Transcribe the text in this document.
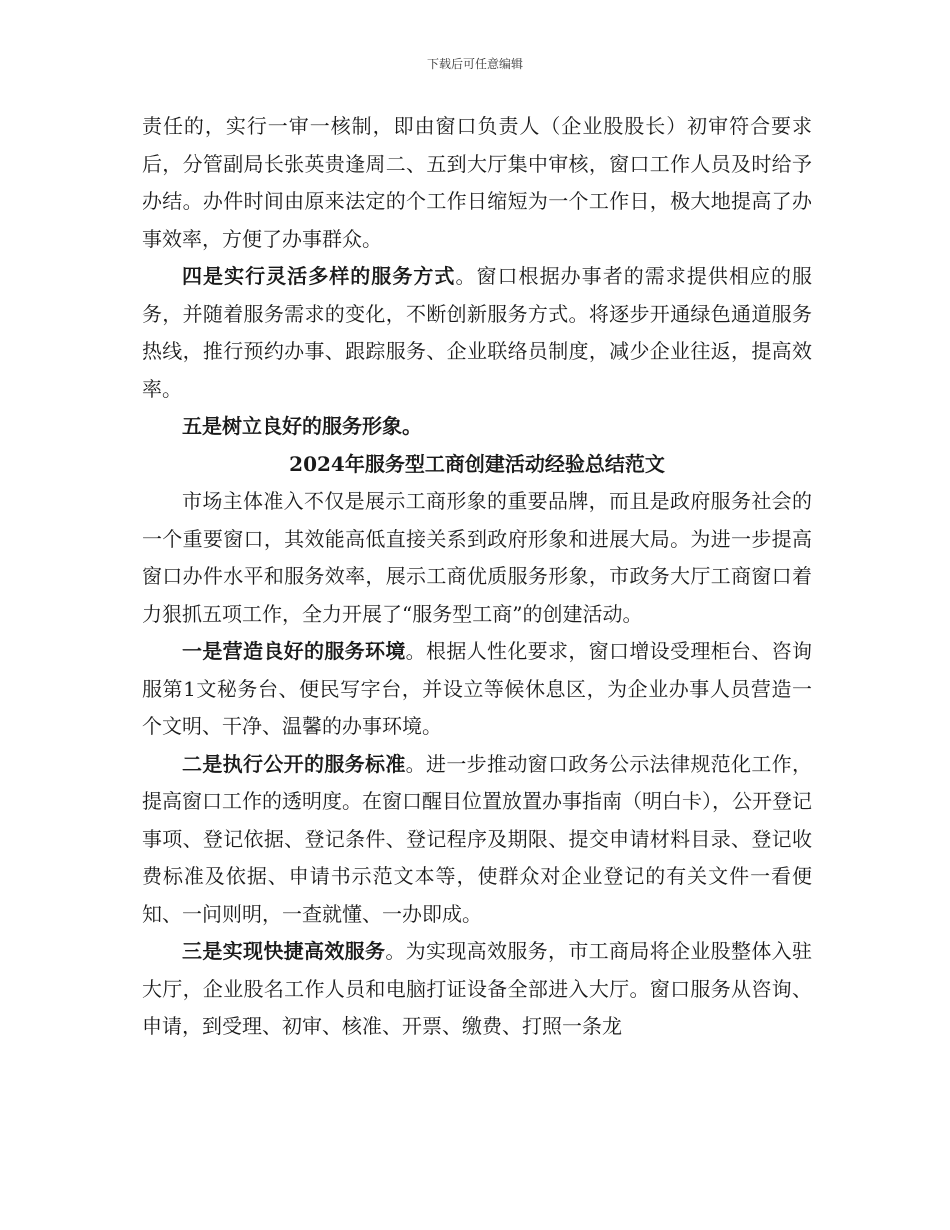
下载后可任意编辑

责任的，实行一审一核制，即由窗口负责人（企业股股长）初审符合要求后，分管副局长张英贵逢周二、五到大厅集中审核，窗口工作人员及时给予办结。办件时间由原来法定的个工作日缩短为一个工作日，极大地提高了办事效率，方便了办事群众。

四是实行灵活多样的服务方式。窗口根据办事者的需求提供相应的服务，并随着服务需求的变化，不断创新服务方式。将逐步开通绿色通道服务热线，推行预约办事、跟踪服务、企业联络员制度，减少企业往返，提高效率。

五是树立良好的服务形象。

2024年服务型工商创建活动经验总结范文

市场主体准入不仅是展示工商形象的重要品牌，而且是政府服务社会的一个重要窗口，其效能高低直接关系到政府形象和进展大局。为进一步提高窗口办件水平和服务效率，展示工商优质服务形象，市政务大厅工商窗口着力狠抓五项工作，全力开展了“服务型工商”的创建活动。

一是营造良好的服务环境。根据人性化要求，窗口增设受理柜台、咨询服第1文秘务台、便民写字台，并设立等候休息区，为企业办事人员营造一个文明、干净、温馨的办事环境。

二是执行公开的服务标准。进一步推动窗口政务公示法律规范化工作，提高窗口工作的透明度。在窗口醒目位置放置办事指南（明白卡），公开登记事项、登记依据、登记条件、登记程序及期限、提交申请材料目录、登记收费标准及依据、申请书示范文本等，使群众对企业登记的有关文件一看便知、一问则明，一查就懂、一办即成。

三是实现快捷高效服务。为实现高效服务，市工商局将企业股整体入驻大厅，企业股名工作人员和电脑打证设备全部进入大厅。窗口服务从咨询、申请，到受理、初审、核准、开票、缴费、打照一条龙
